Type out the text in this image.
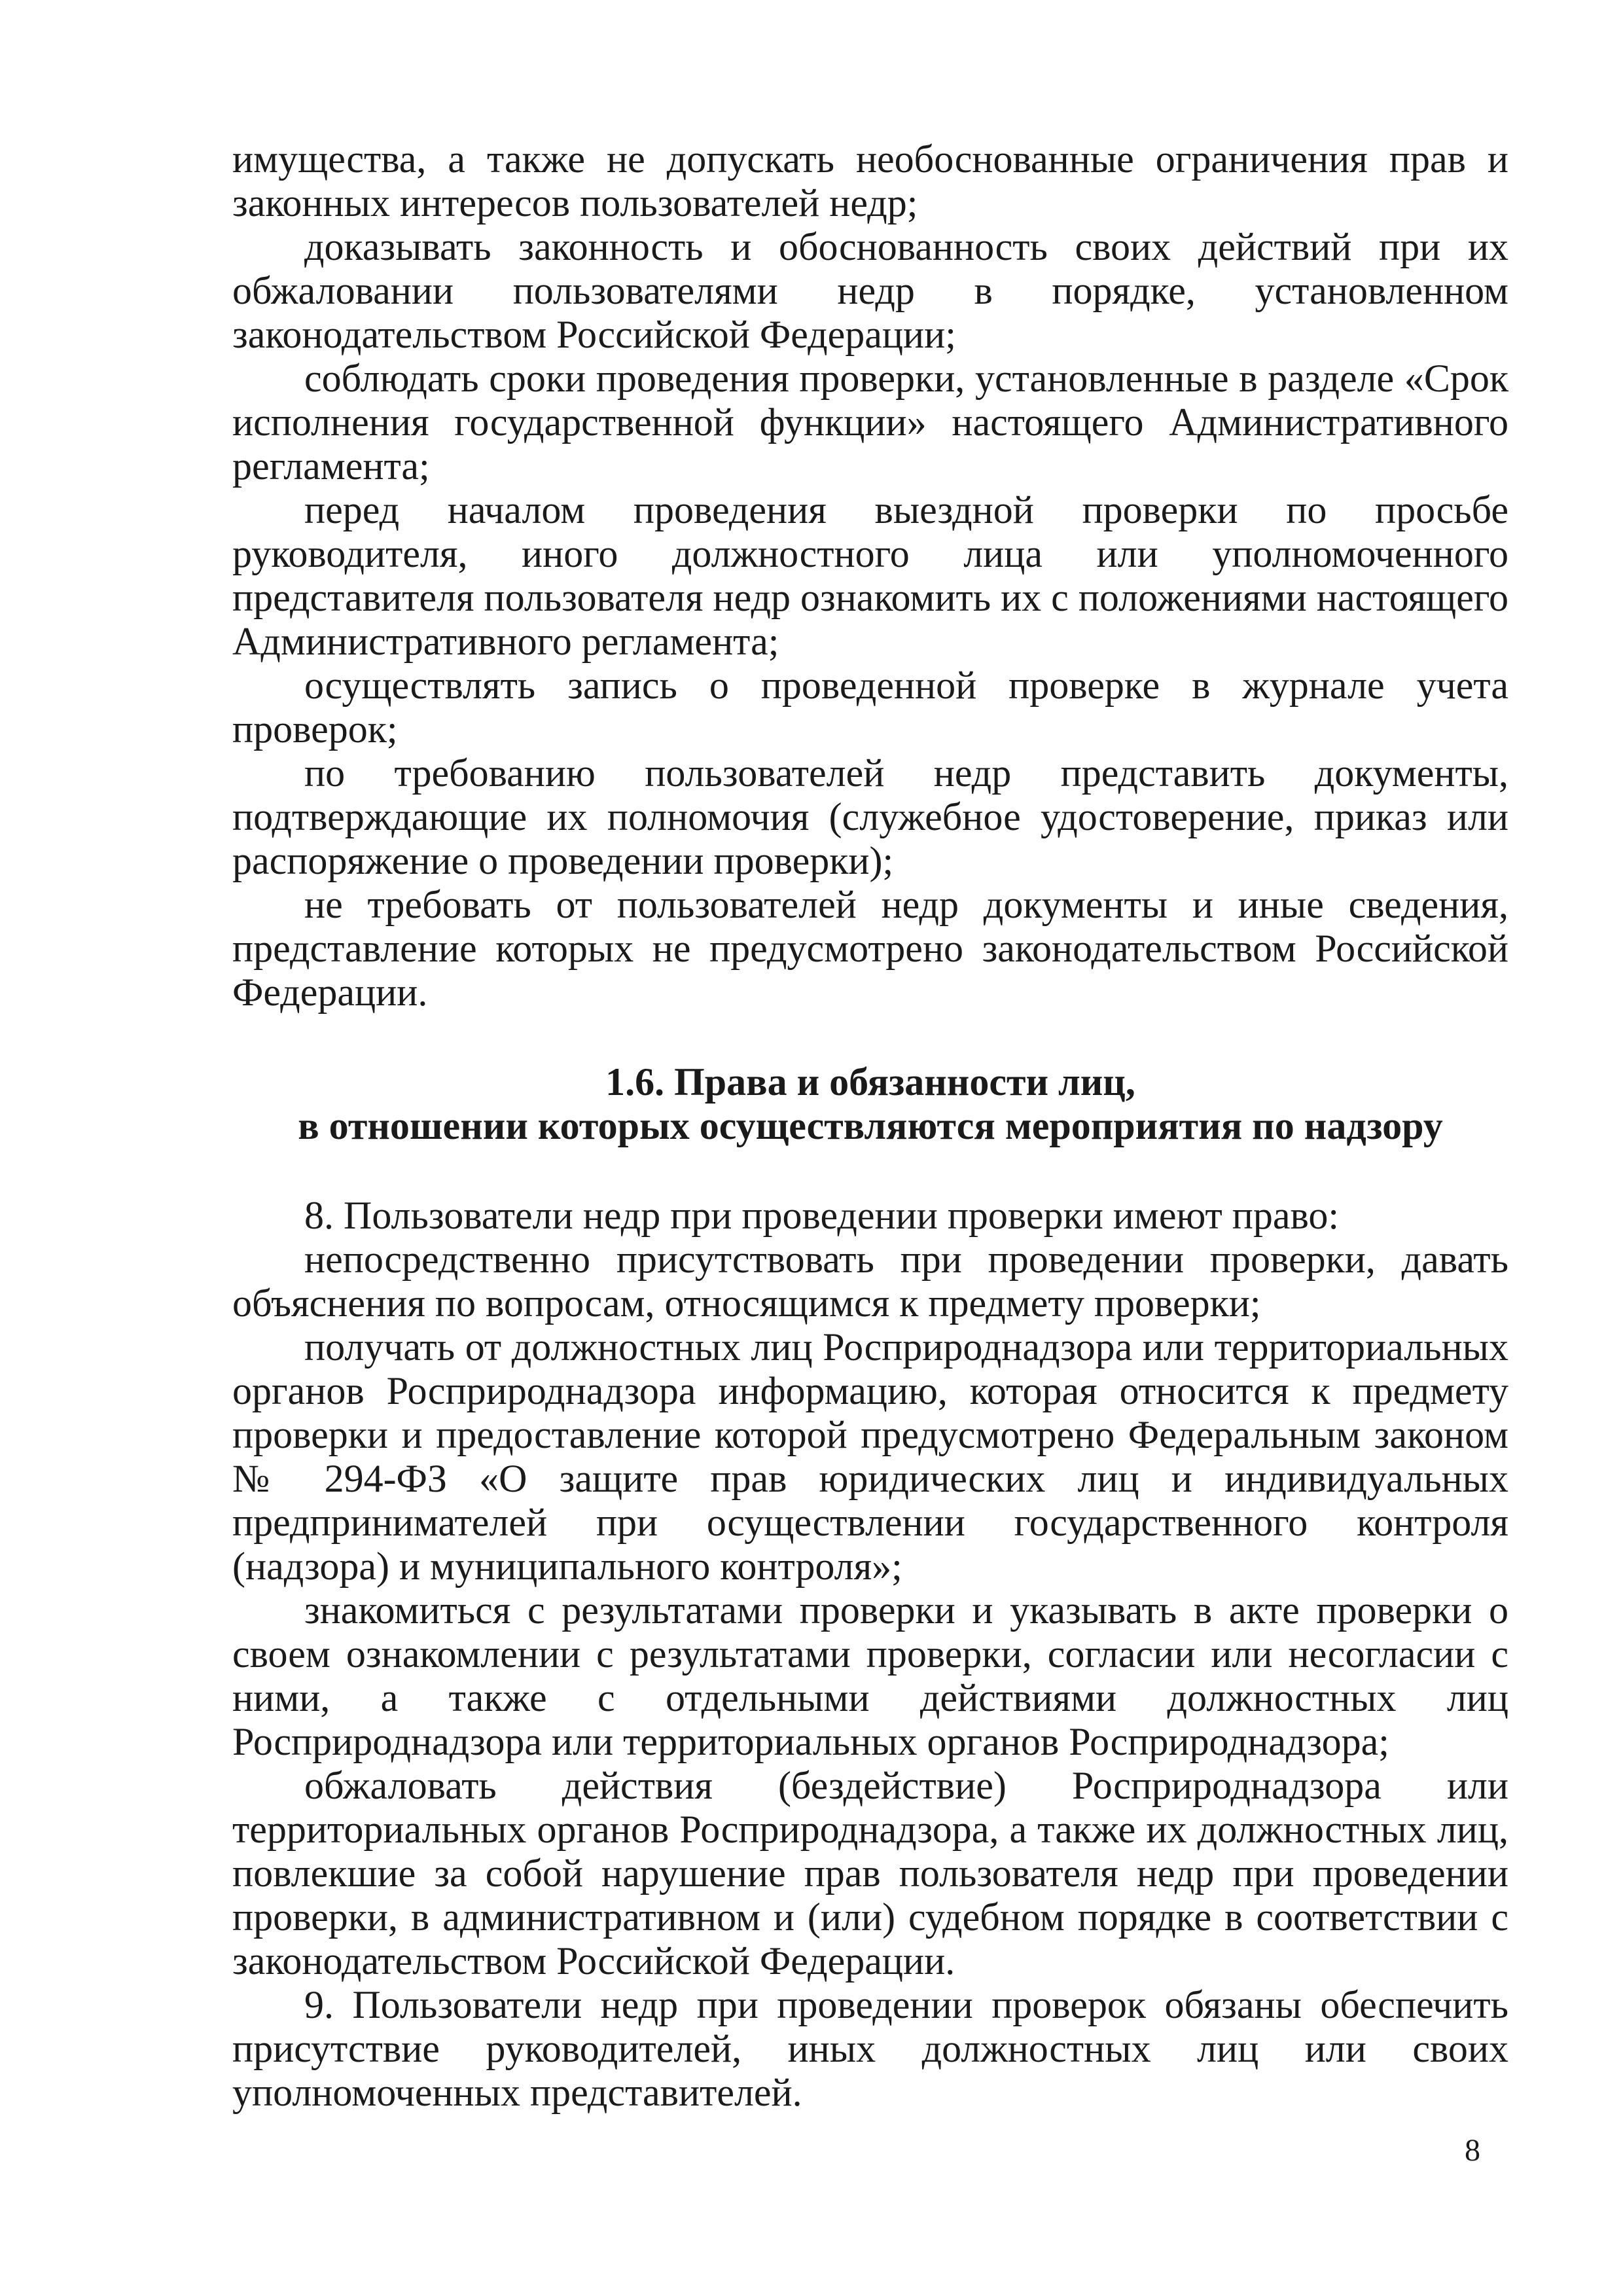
имущества, а также не допускать необоснованные ограничения прав и законных интересов пользователей недр;

доказывать законность и обоснованность своих действий при их обжаловании пользователями недр в порядке, установленном законодательством Российской Федерации;

соблюдать сроки проведения проверки, установленные в разделе «Срок исполнения государственной функции» настоящего Административного регламента;

перед началом проведения выездной проверки по просьбе руководителя, иного должностного лица или уполномоченного представителя пользователя недр ознакомить их с положениями настоящего Административного регламента;

осуществлять запись о проведенной проверке в журнале учета проверок;

по требованию пользователей недр представить документы, подтверждающие их полномочия (служебное удостоверение, приказ или распоряжение о проведении проверки);

не требовать от пользователей недр документы и иные сведения, представление которых не предусмотрено законодательством Российской Федерации.

1.6. Права и обязанности лиц,

в отношении которых осуществляются мероприятия по надзору

8. Пользователи недр при проведении проверки имеют право:

непосредственно присутствовать при проведении проверки, давать объяснения по вопросам, относящимся к предмету проверки;

получать от должностных лиц Росприроднадзора или территориальных органов Росприроднадзора информацию, которая относится к предмету проверки и предоставление которой предусмотрено Федеральным законом № 294-ФЗ «О защите прав юридических лиц и индивидуальных предпринимателей при осуществлении государственного контроля (надзора) и муниципального контроля»;

знакомиться с результатами проверки и указывать в акте проверки о своем ознакомлении с результатами проверки, согласии или несогласии с ними, а также с отдельными действиями должностных лиц Росприроднадзора или территориальных органов Росприроднадзора;

обжаловать действия (бездействие) Росприроднадзора или территориальных органов Росприроднадзора, а также их должностных лиц, повлекшие за собой нарушение прав пользователя недр при проведении проверки, в административном и (или) судебном порядке в соответствии с законодательством Российской Федерации.

9. Пользователи недр при проведении проверок обязаны обеспечить присутствие руководителей, иных должностных лиц или своих уполномоченных представителей.

8
